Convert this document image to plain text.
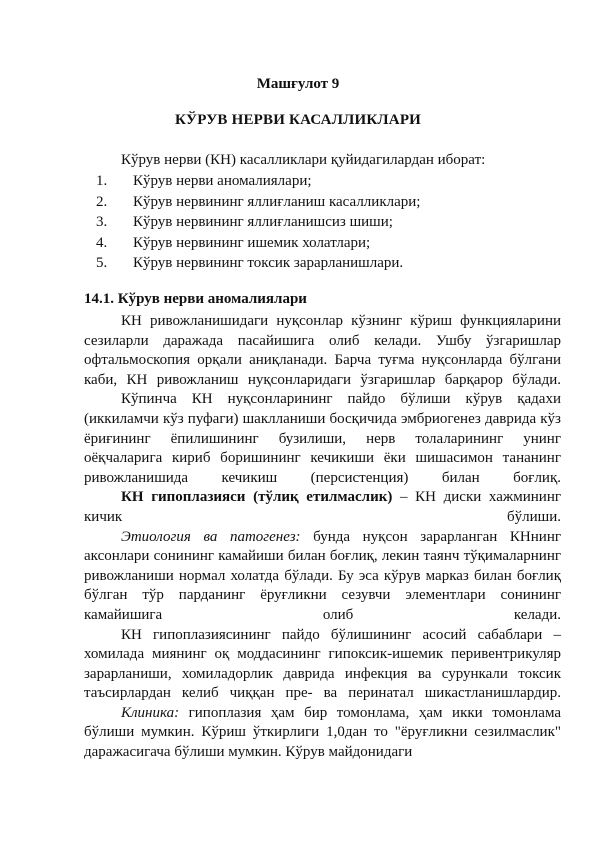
Машғулот 9
КЎРУВ НЕРВИ КАСАЛЛИКЛАРИ
Кўрув нерви (КН) касалликлари қуйидагилардан иборат:
1. Кўрув нерви аномалиялари;
2. Кўрув нервининг яллиғланиш касалликлари;
3. Кўрув нервининг яллиғланишсиз шиши;
4. Кўрув нервининг ишемик холатлари;
5. Кўрув нервининг токсик зарарланишлари.
14.1. Кўрув нерви аномалиялари

КН ривожланишидаги нуқсонлар кўзнинг кўриш функцияларини сезиларли даражада пасайишига олиб келади. Ушбу ўзгаришлар офтальмоскопия орқали аниқланади. Барча туғма нуқсонларда бўлгани каби, КН ривожланиш нуқсонларидаги ўзгаришлар барқарор бўлади.

Кўпинча КН нуқсонларининг пайдо бўлиши кўрув қадахи (иккиламчи кўз пуфаги) шаклланиши босқичида эмбриогенез даврида кўз ёриғининг ёпилишининг бузилиши, нерв толаларининг унинг оёқчаларига кириб боришининг кечикиши ёки шишасимон тананинг ривожланишида кечикиш (персистенция) билан боғлиқ.

КН гипоплазияси (тўлиқ етилмаслик) – КН диски хажмининг кичик бўлиши.

Этиология ва патогенез: бунда нуқсон зарарланган КНнинг аксонлари сонининг камайиши билан боғлиқ, лекин таянч тўқималарнинг ривожланиши нормал холатда бўлади. Бу эса кўрув марказ билан боғлиқ бўлган тўр парданинг ёруғликни сезувчи элементлари сонининг камайишига олиб келади.

КН гипоплазиясининг пайдо бўлишининг асосий сабаблари – хомилада миянинг оқ моддасининг гипоксик-ишемик перивентрикуляр зарарланиши, хомиладорлик даврида инфекция ва сурункали токсик таъсирлардан келиб чиққан пре- ва перинатал шикастланишлардир.

Клиника: гипоплазия ҳам бир томонлама, ҳам икки томонлама бўлиши мумкин. Кўриш ўткирлиги 1,0дан то "ёруғликни сезилмаслик" даражасигача бўлиши мумкин. Кўрув майдонидаги
